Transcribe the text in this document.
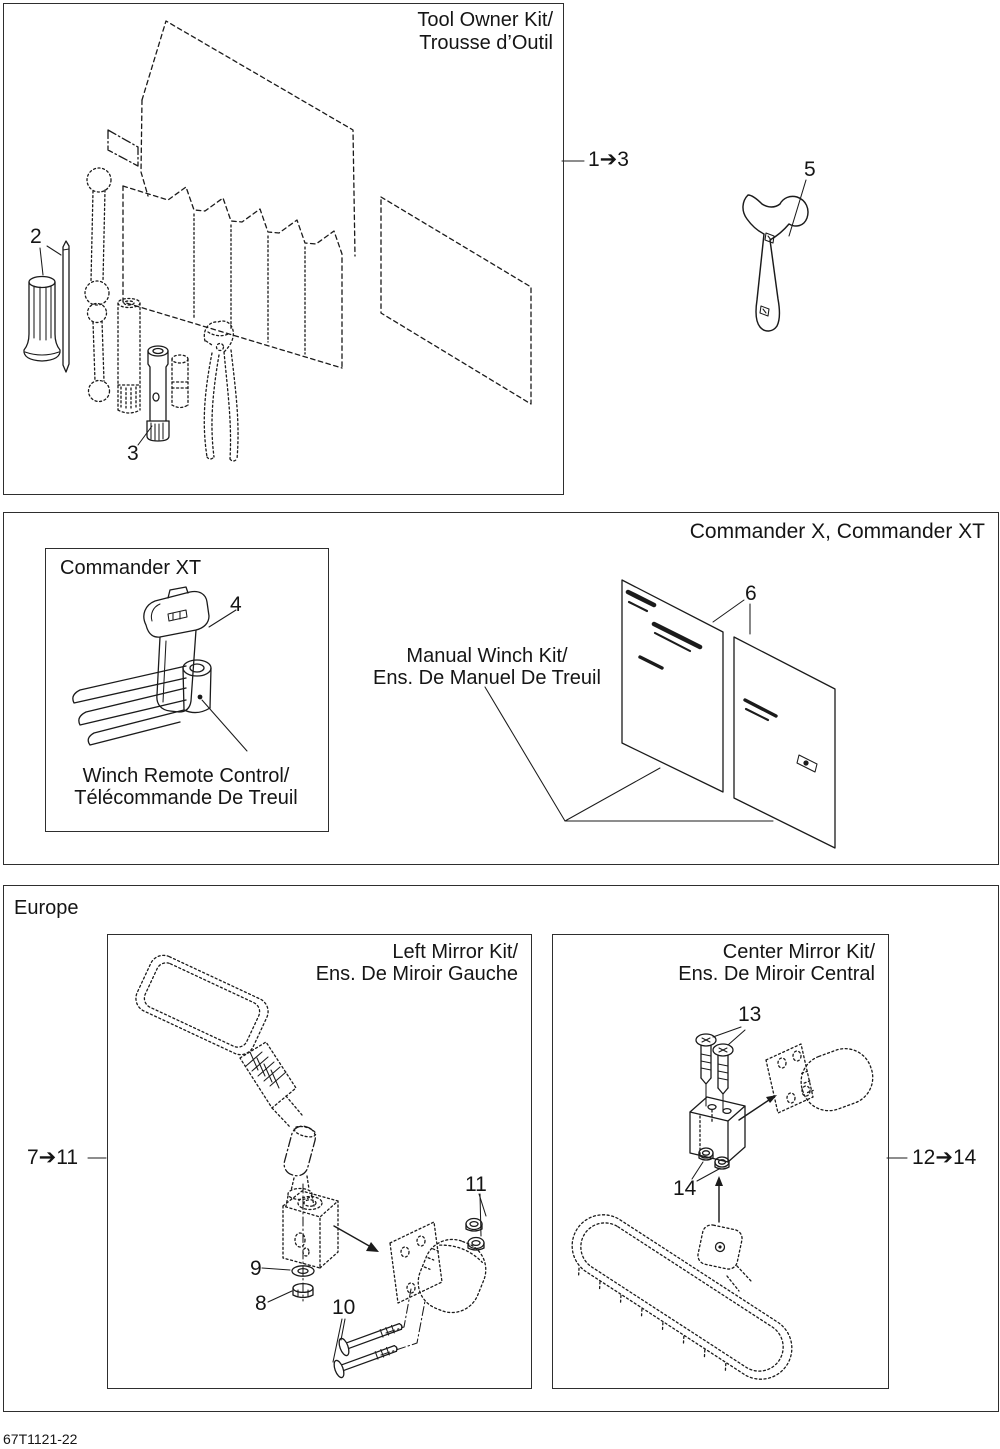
Tool Owner Kit/
Trousse d’Outil
1➔3
2
3
5
Commander X, Commander XT
Commander XT
4	6
Manual Winch Kit/
Ens. De Manuel De Treuil
Winch Remote Control/
Télécommande De Treuil
Europe
Left Mirror Kit/
Ens. De Miroir Gauche
Center Mirror Kit/
Ens. De Miroir Central
7➔11	12➔14
9
8	10
11
13
14
67T1121-22
